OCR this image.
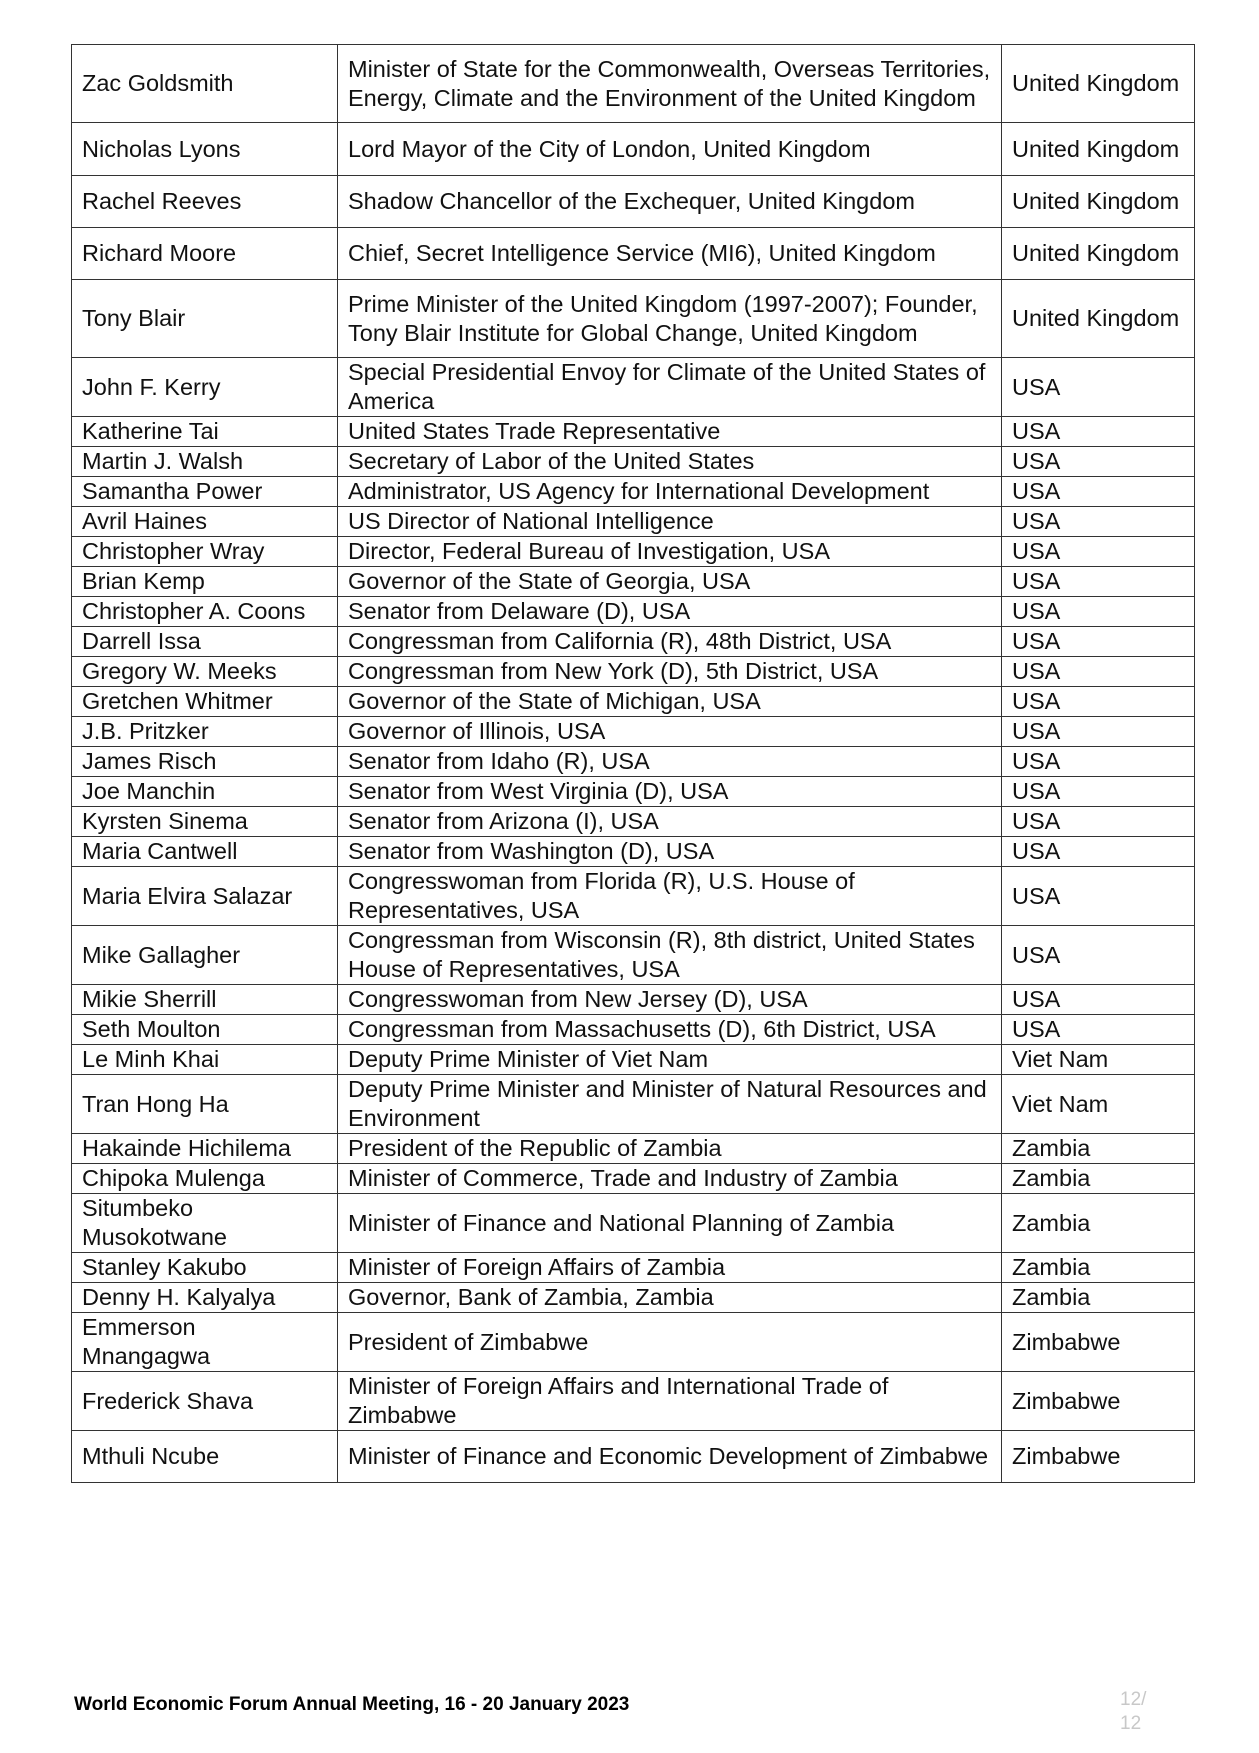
Zac Goldsmith	Minister of State for the Commonwealth, Overseas Territories, Energy, Climate and the Environment of the United Kingdom	United Kingdom
Nicholas Lyons	Lord Mayor of the City of London, United Kingdom	United Kingdom
Rachel Reeves	Shadow Chancellor of the Exchequer, United Kingdom	United Kingdom
Richard Moore	Chief, Secret Intelligence Service (MI6), United Kingdom	United Kingdom
Tony Blair	Prime Minister of the United Kingdom (1997-2007); Founder, Tony Blair Institute for Global Change, United Kingdom	United Kingdom
John F. Kerry	Special Presidential Envoy for Climate of the United States of America	USA
Katherine Tai	United States Trade Representative	USA
Martin J. Walsh	Secretary of Labor of the United States	USA
Samantha Power	Administrator, US Agency for International Development	USA
Avril Haines	US Director of National Intelligence	USA
Christopher Wray	Director, Federal Bureau of Investigation, USA	USA
Brian Kemp	Governor of the State of Georgia, USA	USA
Christopher A. Coons	Senator from Delaware (D), USA	USA
Darrell Issa	Congressman from California (R), 48th District, USA	USA
Gregory W. Meeks	Congressman from New York (D), 5th District, USA	USA
Gretchen Whitmer	Governor of the State of Michigan, USA	USA
J.B. Pritzker	Governor of Illinois, USA	USA
James Risch	Senator from Idaho (R), USA	USA
Joe Manchin	Senator from West Virginia (D), USA	USA
Kyrsten Sinema	Senator from Arizona (I), USA	USA
Maria Cantwell	Senator from Washington (D), USA	USA
Maria Elvira Salazar	Congresswoman from Florida (R), U.S. House of Representatives, USA	USA
Mike Gallagher	Congressman from Wisconsin (R), 8th district, United States House of Representatives, USA	USA
Mikie Sherrill	Congresswoman from New Jersey (D), USA	USA
Seth Moulton	Congressman from Massachusetts (D), 6th District, USA	USA
Le Minh Khai	Deputy Prime Minister of Viet Nam	Viet Nam
Tran Hong Ha	Deputy Prime Minister and Minister of Natural Resources and Environment	Viet Nam
Hakainde Hichilema	President of the Republic of Zambia	Zambia
Chipoka Mulenga	Minister of Commerce, Trade and Industry of Zambia	Zambia
Situmbeko Musokotwane	Minister of Finance and National Planning of Zambia	Zambia
Stanley Kakubo	Minister of Foreign Affairs of Zambia	Zambia
Denny H. Kalyalya	Governor, Bank of Zambia, Zambia	Zambia
Emmerson Mnangagwa	President of Zimbabwe	Zimbabwe
Frederick Shava	Minister of Foreign Affairs and International Trade of Zimbabwe	Zimbabwe
Mthuli Ncube	Minister of Finance and Economic Development of Zimbabwe	Zimbabwe
World Economic Forum Annual Meeting, 16 - 20 January 2023	12/ 12
